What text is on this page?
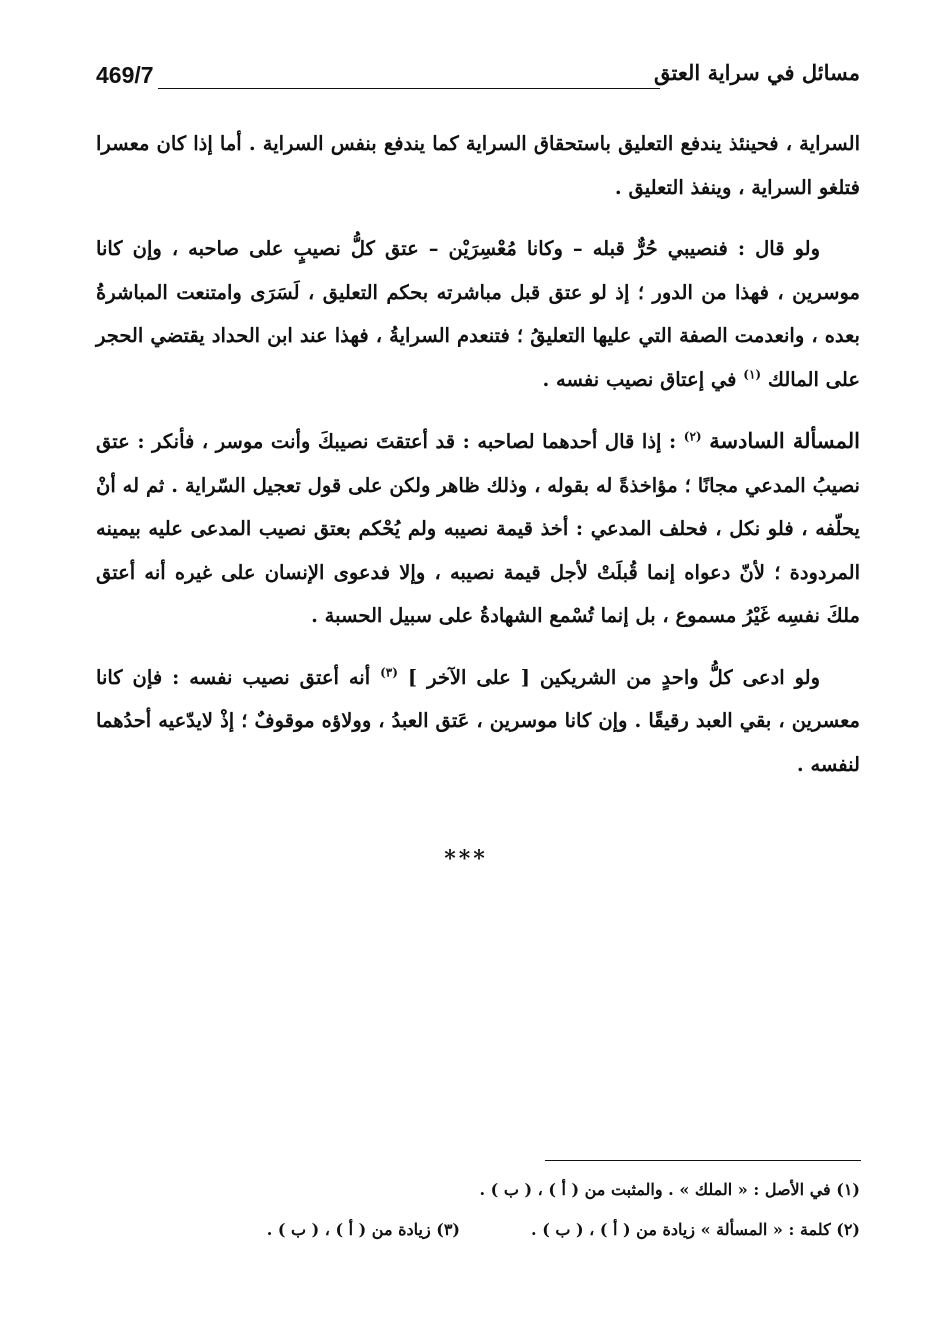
469/7	مسائل في سراية العتق

السراية ، فحينئذ يندفع التعليق باستحقاق السراية كما يندفع بنفس السراية . أما إذا كان معسرا فتلغو السراية ، وينفذ التعليق .

ولو قال : فنصيبي حُرٌّ قبله – وكانا مُعْسِرَيْن – عتق كلُّ نصيبٍ على صاحبه ، وإن كانا موسرين ، فهذا من الدور ؛ إذ لو عتق قبل مباشرته بحكم التعليق ، لَسَرَى وامتنعت المباشرةُ بعده ، وانعدمت الصفة التي عليها التعليقُ ؛ فتنعدم السرايةُ ، فهذا عند ابن الحداد يقتضي الحجر على المالك $^{(١)}$ في إعتاق نصيب نفسه .

المسألة السادسة $^{(٢)}$ : إذا قال أحدهما لصاحبه : قد أعتقتَ نصيبكَ وأنت موسر ، فأنكر : عتق نصيبُ المدعي مجانًا ؛ مؤاخذةً له بقوله ، وذلك ظاهر ولكن على قول تعجيل السّراية . ثم له أنْ يحلّفه ، فلو نكل ، فحلف المدعي : أخذ قيمة نصيبه ولم يُحْكم بعتق نصيب المدعى عليه بيمينه المردودة ؛ لأنّ دعواه إنما قُبلَتْ لأجل قيمة نصيبه ، وإلا فدعوى الإنسان على غيره أنه أعتق ملكَ نفسِه غَيْرُ مسموع ، بل إنما تُسْمع الشهادةُ على سبيل الحسبة .

ولو ادعى كلُّ واحدٍ من الشريكين [ على الآخر ] $^{(٣)}$ أنه أعتق نصيب نفسه : فإن كانا معسرين ، بقي العبد رقيقًا . وإن كانا موسرين ، عَتق العبدُ ، وولاؤه موقوفٌ ؛ إذْ لايدّعيه أحدُهما لنفسه .

***
(١) في الأصل : « الملك » . والمثبت من ( أ ) ، ( ب ) .
(٢) كلمة : « المسألة » زيادة من ( أ ) ، ( ب ) .
(٣) زيادة من ( أ ) ، ( ب ) .
